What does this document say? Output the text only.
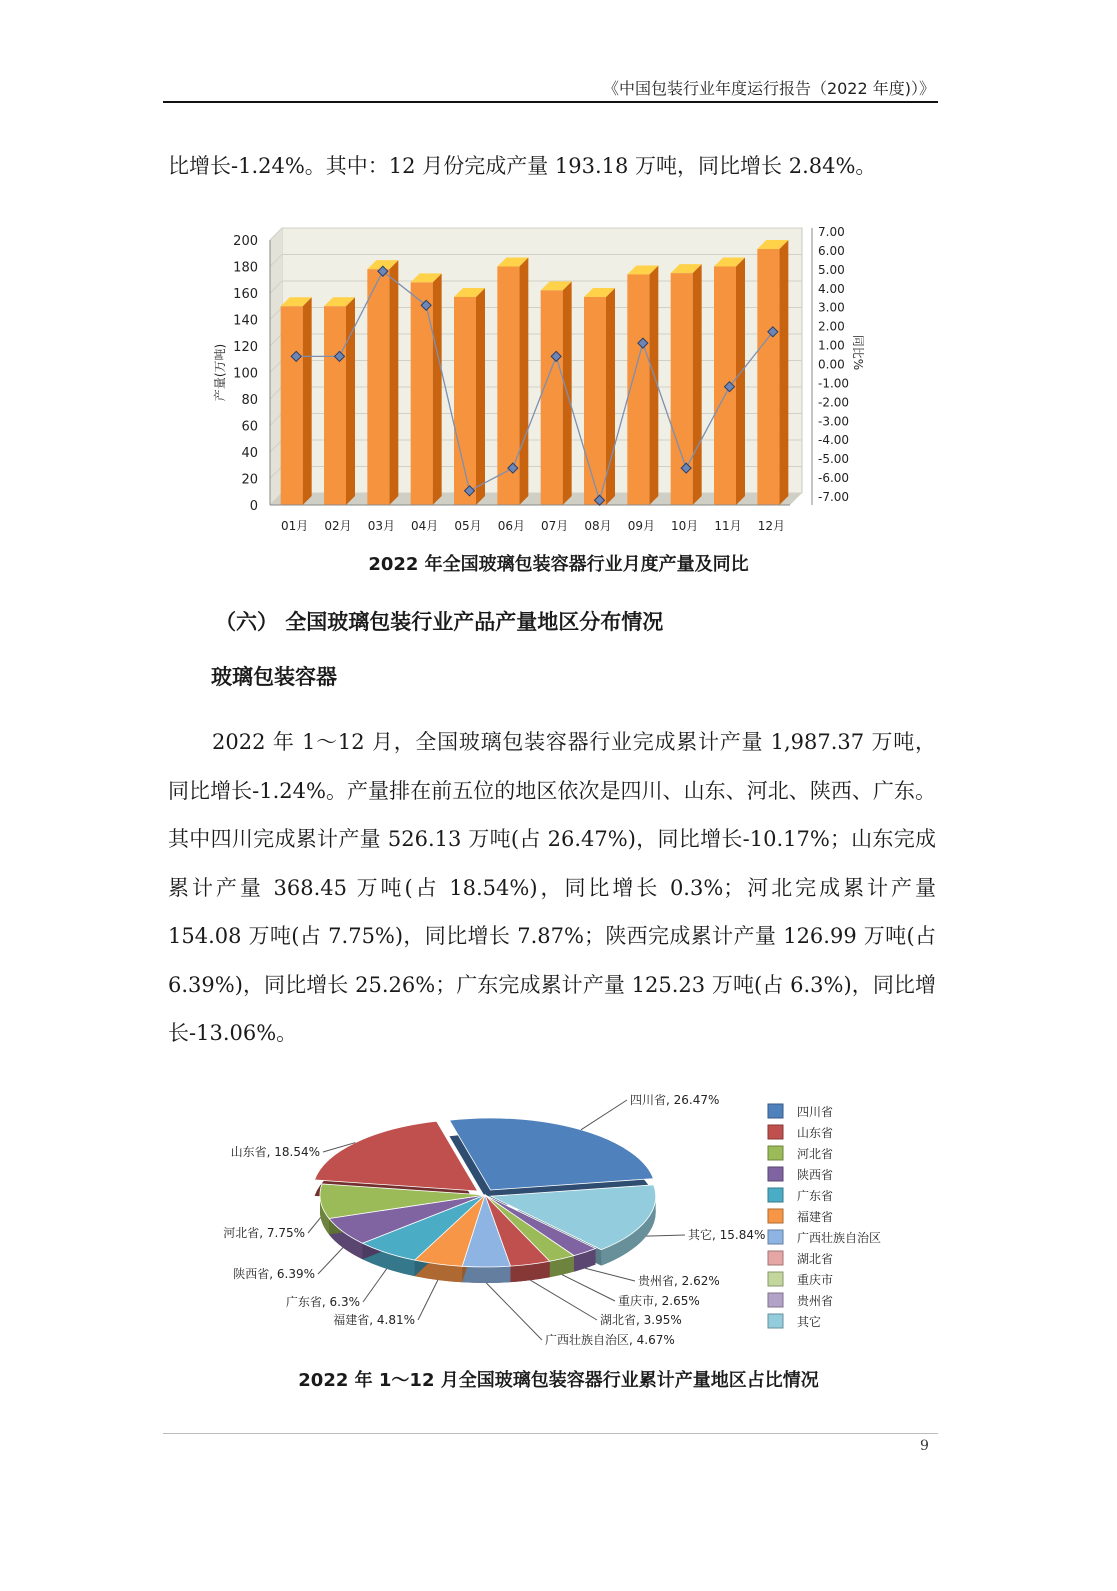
《中国包装行业年度运行报告（2022 年度)）》
比增长-1.24%。其中：12 月份完成产量 193.18 万吨，同比增长 2.84%。
0
20
40
60
80
100
120
140
160
180
200
-7.00
-6.00
-5.00
-4.00
-3.00
-2.00
-1.00
0.00
1.00
2.00
3.00
4.00
5.00
6.00
7.00
产量(万吨)	同比%
01月 02月 03月 04月 05月 06月 07月 08月 09月 10月 11月 12月
2022 年全国玻璃包装容器行业月度产量及同比
（六） 全国玻璃包装行业产品产量地区分布情况
玻璃包装容器
2022 年 1～12 月，全国玻璃包装容器行业完成累计产量 1,987.37 万吨，同比增长-1.24%。产量排在前五位的地区依次是四川、山东、河北、陕西、广东。其中四川完成累计产量 526.13 万吨(占 26.47%)，同比增长-10.17%；山东完成累计产量 368.45 万吨(占 18.54%)，同比增长 0.3%；河北完成累计产量 154.08 万吨(占 7.75%)，同比增长 7.87%；陕西完成累计产量 126.99 万吨(占 6.39%)，同比增长 25.26%；广东完成累计产量 125.23 万吨(占 6.3%)，同比增长-13.06%。
四川省, 26.47%
其它, 15.84%
贵州省, 2.62%
重庆市, 2.65%
湖北省, 3.95%
广西壮族自治区, 4.67%
福建省, 4.81%
广东省, 6.3%
陕西省, 6.39%
河北省, 7.75%
山东省, 18.54%
四川省
山东省
河北省
陕西省
广东省
福建省
广西壮族自治区
湖北省
重庆市
贵州省
其它
2022 年 1～12 月全国玻璃包装容器行业累计产量地区占比情况
9
